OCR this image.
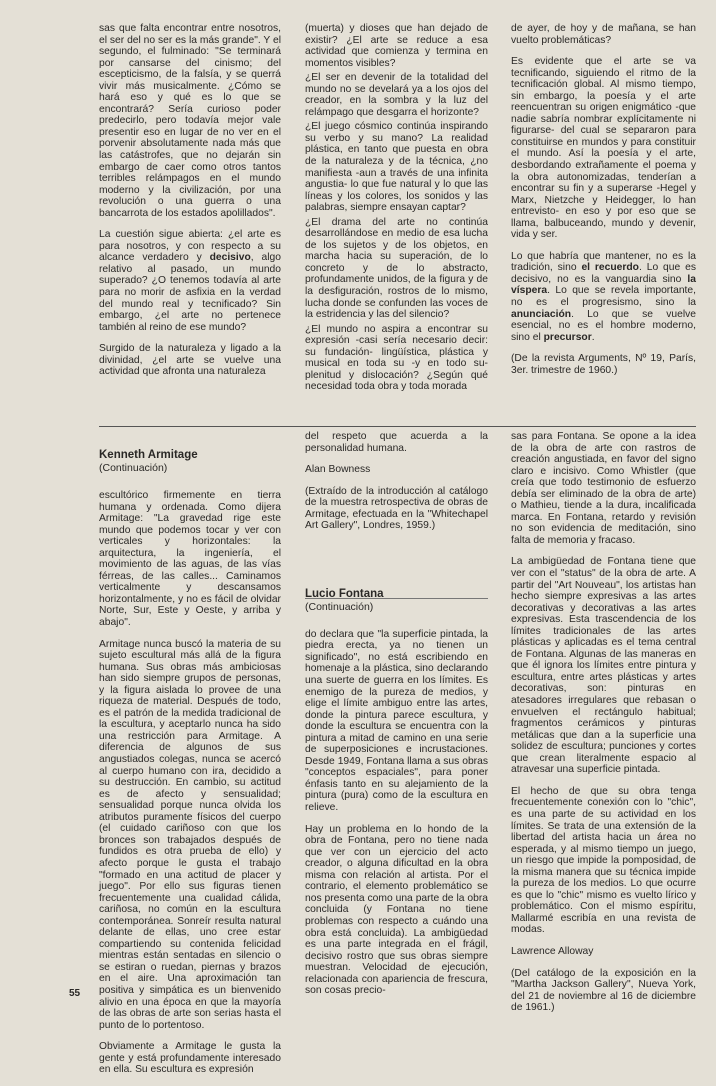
sas que falta encontrar entre nosotros, el ser del no ser es la más grande". Y el segundo, el fulminado: "Se terminará por cansarse del cinismo; del escepticismo, de la falsía, y se querrá vivir más musicalmente. ¿Cómo se hará eso y qué es lo que se encontrará? Sería curioso poder predecirlo, pero todavía mejor vale presentir eso en lugar de no ver en el porvenir absolutamente nada más que las catástrofes, que no dejarán sin embargo de caer como otros tantos terribles relámpagos en el mundo moderno y la civilización, por una revolución o una guerra o una bancarrota de los estados apolillados".

La cuestión sigue abierta: ¿el arte es para nosotros, y con respecto a su alcance verdadero y decisivo, algo relativo al pasado, un mundo superado? ¿O tenemos todavía al arte para no morir de asfixia en la verdad del mundo real y tecnificado? Sin embargo, ¿el arte no pertenece también al reino de ese mundo?

Surgido de la naturaleza y ligado a la divinidad, ¿el arte se vuelve una actividad que afronta una naturaleza

(muerta) y dioses que han dejado de existir? ¿El arte se reduce a esa actividad que comienza y termina en momentos visibles?

¿El ser en devenir de la totalidad del mundo no se develará ya a los ojos del creador, en la sombra y la luz del relámpago que desgarra el horizonte?

¿El juego cósmico continúa inspirando su verbo y su mano? La realidad plástica, en tanto que puesta en obra de la naturaleza y de la técnica, ¿no manifiesta -aun a través de una infinita angustia- lo que fue natural y lo que las líneas y los colores, los sonidos y las palabras, siempre ensayan captar?

¿El drama del arte no continúa desarrollándose en medio de esa lucha de los sujetos y de los objetos, en marcha hacia su superación, de lo concreto y de lo abstracto, profundamente unidos, de la figura y de la desfiguración, rostros de lo mismo, lucha donde se confunden las voces de la estridencia y las del silencio?

¿El mundo no aspira a encontrar su expresión -casi sería necesario decir: su fundación- lingüística, plástica y musical en toda su -y en todo su- plenitud y dislocación? ¿Según qué necesidad toda obra y toda morada

de ayer, de hoy y de mañana, se han vuelto problemáticas?

Es evidente que el arte se va tecnificando, siguiendo el ritmo de la tecnificación global. Al mismo tiempo, sin embargo, la poesía y el arte reencuentran su origen enigmático -que nadie sabría nombrar explícitamente ni figurarse- del cual se separaron para constituirse en mundos y para constituir el mundo. Así la poesía y el arte, desbordando extrañamente el poema y la obra autonomizadas, tenderían a encontrar su fin y a superarse -Hegel y Marx, Nietzche y Heidegger, lo han entrevisto- en eso y por eso que se llama, balbuceando, mundo y devenir, vida y ser.

Lo que habría que mantener, no es la tradición, sino el recuerdo. Lo que es decisivo, no es la vanguardia sino la víspera. Lo que se revela importante, no es el progresismo, sino la anunciación. Lo que se vuelve esencial, no es el hombre moderno, sino el precursor.

(De la revista Arguments, Nº 19, París, 3er. trimestre de 1960.)

Kenneth Armitage

(Continuación)

escultórico firmemente en tierra humana y ordenada. Como dijera Armitage: "La gravedad rige este mundo que podemos tocar y ver con verticales y horizontales: la arquitectura, la ingeniería, el movimiento de las aguas, de las vías férreas, de las calles... Caminamos verticalmente y descansamos horizontalmente, y no es fácil de olvidar Norte, Sur, Este y Oeste, y arriba y abajo".

Armitage nunca buscó la materia de su sujeto escultural más allá de la figura humana. Sus obras más ambiciosas han sido siempre grupos de personas, y la figura aislada lo provee de una riqueza de material. Después de todo, es el patrón de la medida tradicional de la escultura, y aceptarlo nunca ha sido una restricción para Armitage. A diferencia de algunos de sus angustiados colegas, nunca se acercó al cuerpo humano con ira, decidido a su destrucción. En cambio, su actitud es de afecto y sensualidad; sensualidad porque nunca olvida los atributos puramente físicos del cuerpo (el cuidado cariñoso con que los bronces son trabajados después de fundidos es otra prueba de ello) y afecto porque le gusta el trabajo "formado en una actitud de placer y juego". Por ello sus figuras tienen frecuentemente una cualidad cálida, cariñosa, no común en la escultura contemporánea. Sonreír resulta natural delante de ellas, uno cree estar compartiendo su contenida felicidad mientras están sentadas en silencio o se estiran o ruedan, piernas y brazos en el aire. Una aproximación tan positiva y simpática es un bienvenido alivio en una época en que la mayoría de las obras de arte son serias hasta el punto de lo portentoso.

Obviamente a Armitage le gusta la gente y está profundamente interesado en ella. Su escultura es expresión

del respeto que acuerda a la personalidad humana.

Alan Bowness

(Extraído de la introducción al catálogo de la muestra retrospectiva de obras de Armitage, efectuada en la "Whitechapel Art Gallery", Londres, 1959.)

Lucio Fontana

(Continuación)

do declara que "la superficie pintada, la piedra erecta, ya no tienen un significado", no está escribiendo en homenaje a la plástica, sino declarando una suerte de guerra en los límites. Es enemigo de la pureza de medios, y elige el límite ambiguo entre las artes, donde la pintura parece escultura, y donde la escultura se encuentra con la pintura a mitad de camino en una serie de superposiciones e incrustaciones. Desde 1949, Fontana llama a sus obras "conceptos espaciales", para poner énfasis tanto en su alejamiento de la pintura (pura) como de la escultura en relieve.

Hay un problema en lo hondo de la obra de Fontana, pero no tiene nada que ver con un ejercicio del acto creador, o alguna dificultad en la obra misma con relación al artista. Por el contrario, el elemento problemático se nos presenta como una parte de la obra concluida (y Fontana no tiene problemas con respecto a cuándo una obra está concluida). La ambigüedad es una parte integrada en el frágil, decisivo rostro que sus obras siempre muestran. Velocidad de ejecución, relacionada con apariencia de frescura, son cosas precio-

sas para Fontana. Se opone a la idea de la obra de arte con rastros de creación angustiada, en favor del signo claro e incisivo. Como Whistler (que creía que todo testimonio de esfuerzo debía ser eliminado de la obra de arte) o Mathieu, tiende a la dura, incalificada marca. En Fontana, retardo y revisión no son evidencia de meditación, sino falta de memoria y fracaso.

La ambigüedad de Fontana tiene que ver con el "status" de la obra de arte. A partir del "Art Nouveau", los artistas han hecho siempre expresivas a las artes decorativas y decorativas a las artes expresivas. Esta trascendencia de los límites tradicionales de las artes plásticas y aplicadas es el tema central de Fontana. Algunas de las maneras en que él ignora los límites entre pintura y escultura, entre artes plásticas y artes decorativas, son: pinturas en atesadores irregulares que rebasan o envuelven el rectángulo habitual; fragmentos cerámicos y pinturas metálicas que dan a la superficie una solidez de escultura; punciones y cortes que crean literalmente espacio al atravesar una superficie pintada.

El hecho de que su obra tenga frecuentemente conexión con lo "chic", es una parte de su actividad en los límites. Se trata de una extensión de la libertad del artista hacia un área no esperada, y al mismo tiempo un juego, un riesgo que impide la pomposidad, de la misma manera que su técnica impide la pureza de los medios. Lo que ocurre es que lo "chic" mismo es vuelto lírico y problemático. Con el mismo espíritu, Mallarmé escribía en una revista de modas.

Lawrence Alloway

(Del catálogo de la exposición en la "Martha Jackson Gallery", Nueva York, del 21 de noviembre al 16 de diciembre de 1961.)

55
